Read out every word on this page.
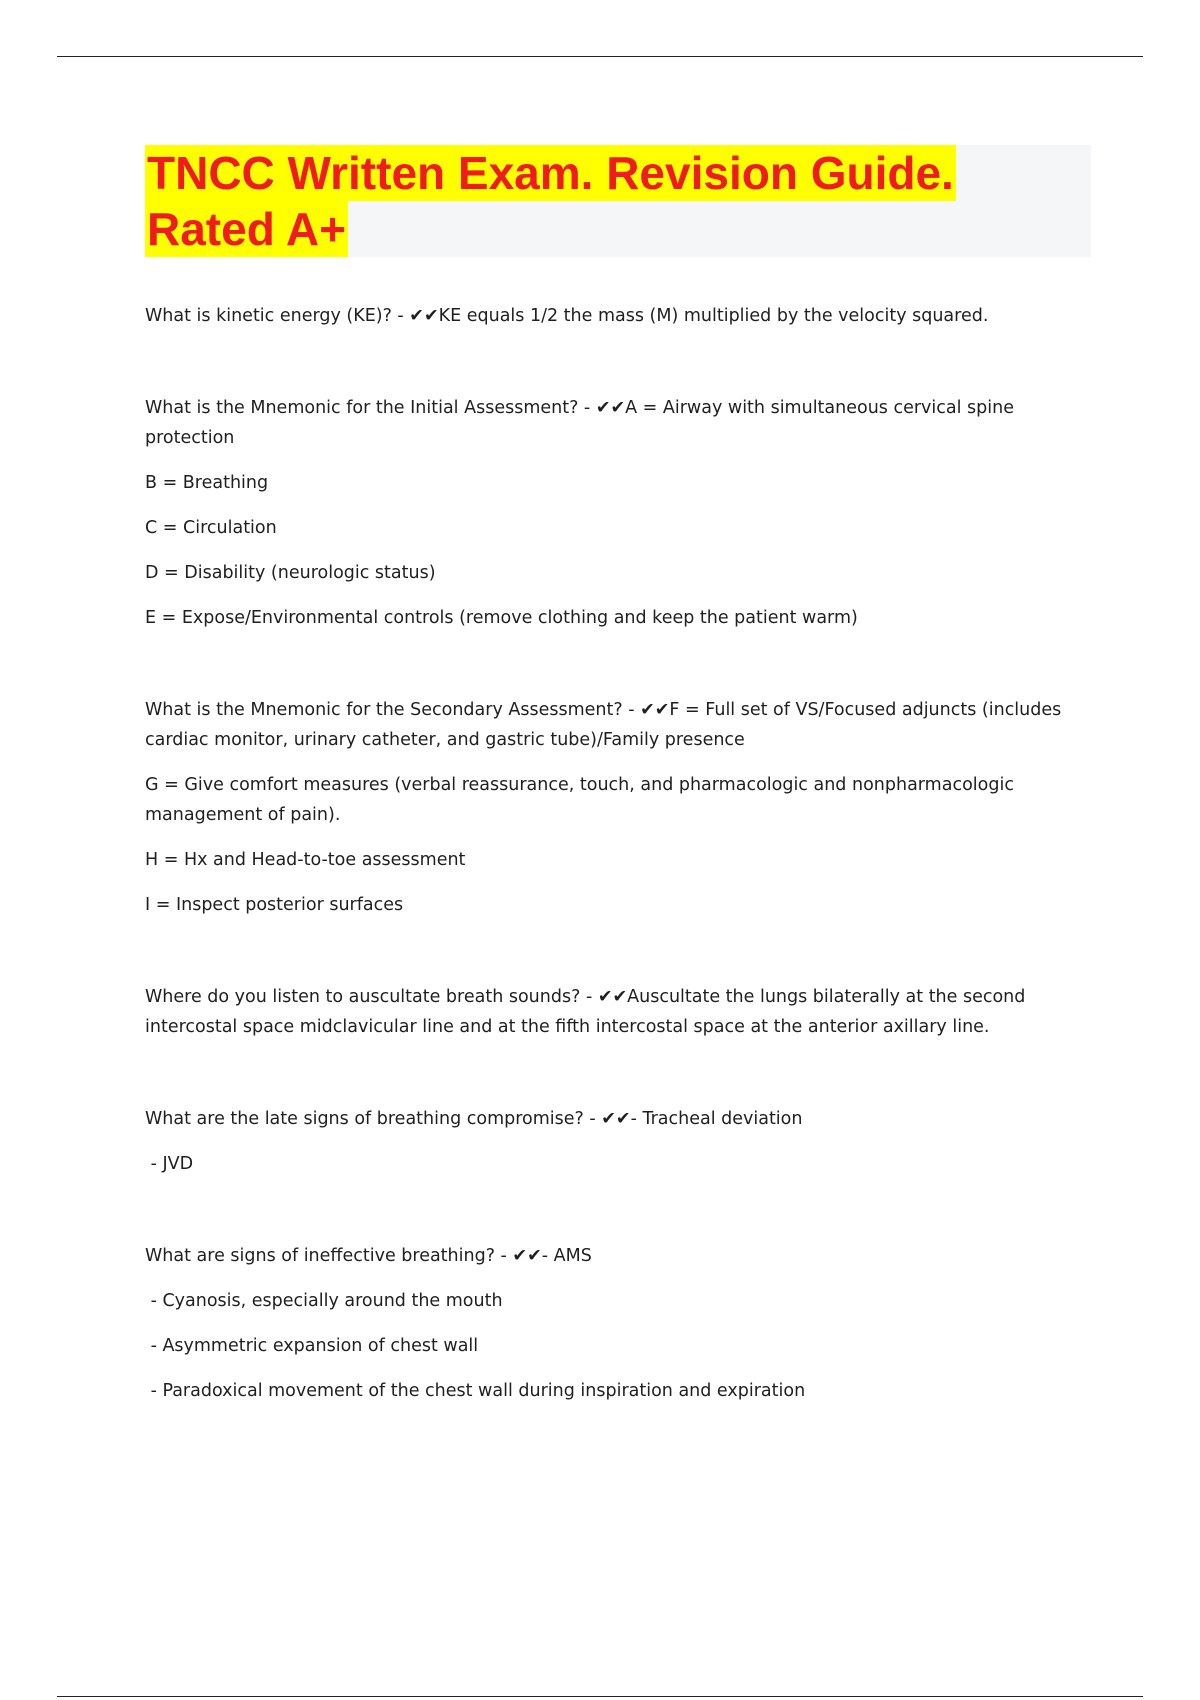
TNCC Written Exam. Revision Guide.
Rated A+

What is kinetic energy (KE)? - ✔✔KE equals 1/2 the mass (M) multiplied by the velocity squared.

What is the Mnemonic for the Initial Assessment? - ✔✔A = Airway with simultaneous cervical spine protection

B = Breathing

C = Circulation

D = Disability (neurologic status)

E = Expose/Environmental controls (remove clothing and keep the patient warm)

What is the Mnemonic for the Secondary Assessment? - ✔✔F = Full set of VS/Focused adjuncts (includes cardiac monitor, urinary catheter, and gastric tube)/Family presence

G = Give comfort measures (verbal reassurance, touch, and pharmacologic and nonpharmacologic management of pain).

H = Hx and Head-to-toe assessment

I = Inspect posterior surfaces

Where do you listen to auscultate breath sounds? - ✔✔Auscultate the lungs bilaterally at the second intercostal space midclavicular line and at the fifth intercostal space at the anterior axillary line.

What are the late signs of breathing compromise? - ✔✔- Tracheal deviation

- JVD

What are signs of ineffective breathing? - ✔✔- AMS

- Cyanosis, especially around the mouth

- Asymmetric expansion of chest wall

- Paradoxical movement of the chest wall during inspiration and expiration
